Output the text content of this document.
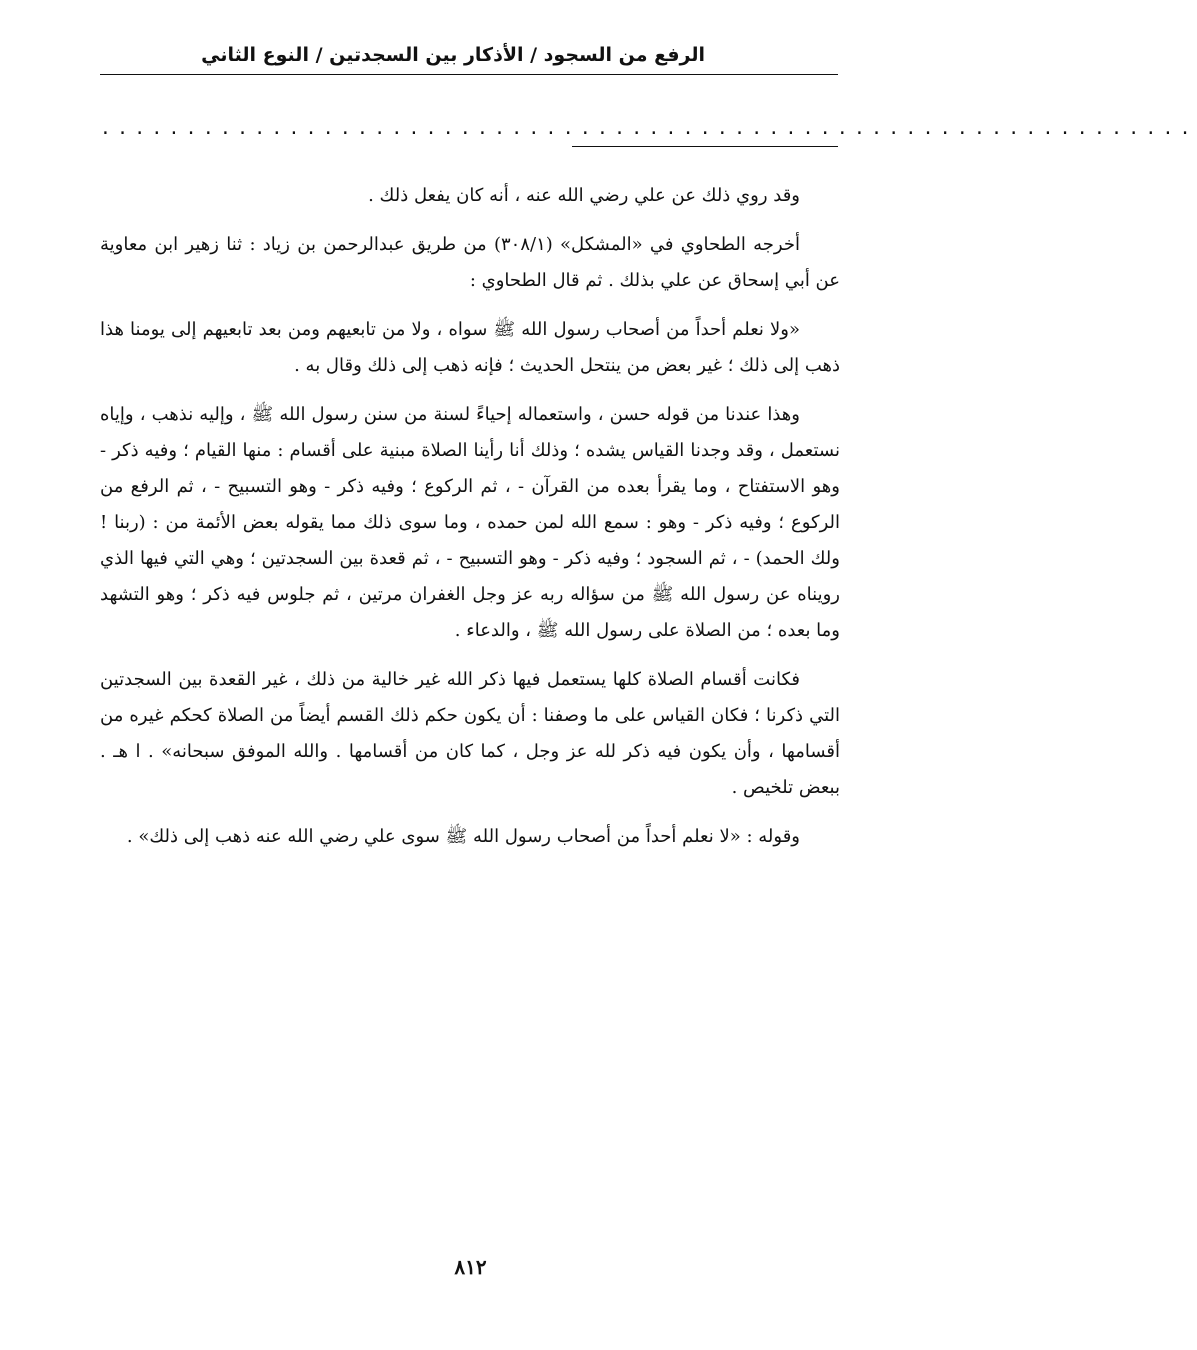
الرفع من السجود / الأذكار بين السجدتين / النوع الثاني
................................................................

وقد روي ذلك عن علي رضي الله عنه ، أنه كان يفعل ذلك .

أخرجه الطحاوي في «المشكل» (٣٠٨/١) من طريق عبدالرحمن بن زياد : ثنا زهير ابن معاوية عن أبي إسحاق عن علي بذلك . ثم قال الطحاوي :

«ولا نعلم أحداً من أصحاب رسول الله ﷺ سواه ، ولا من تابعيهم ومن بعد تابعيهم إلى يومنا هذا ذهب إلى ذلك ؛ غير بعض من ينتحل الحديث ؛ فإنه ذهب إلى ذلك وقال به .

وهذا عندنا من قوله حسن ، واستعماله إحياءً لسنة من سنن رسول الله ﷺ ، وإليه نذهب ، وإياه نستعمل ، وقد وجدنا القياس يشده ؛ وذلك أنا رأينا الصلاة مبنية على أقسام : منها القيام ؛ وفيه ذكر - وهو الاستفتاح ، وما يقرأ بعده من القرآن - ، ثم الركوع ؛ وفيه ذكر - وهو التسبيح - ، ثم الرفع من الركوع ؛ وفيه ذكر - وهو : سمع الله لمن حمده ، وما سوى ذلك مما يقوله بعض الأئمة من : (ربنا ! ولك الحمد) - ، ثم السجود ؛ وفيه ذكر - وهو التسبيح - ، ثم قعدة بين السجدتين ؛ وهي التي فيها الذي رويناه عن رسول الله ﷺ من سؤاله ربه عز وجل الغفران مرتين ، ثم جلوس فيه ذكر ؛ وهو التشهد وما بعده ؛ من الصلاة على رسول الله ﷺ ، والدعاء .

فكانت أقسام الصلاة كلها يستعمل فيها ذكر الله غير خالية من ذلك ، غير القعدة بين السجدتين التي ذكرنا ؛ فكان القياس على ما وصفنا : أن يكون حكم ذلك القسم أيضاً من الصلاة كحكم غيره من أقسامها ، وأن يكون فيه ذكر لله عز وجل ، كما كان من أقسامها . والله الموفق سبحانه» . ا هـ . ببعض تلخيص .

وقوله : «لا نعلم أحداً من أصحاب رسول الله ﷺ سوى علي رضي الله عنه ذهب إلى ذلك» .

٨١٢
